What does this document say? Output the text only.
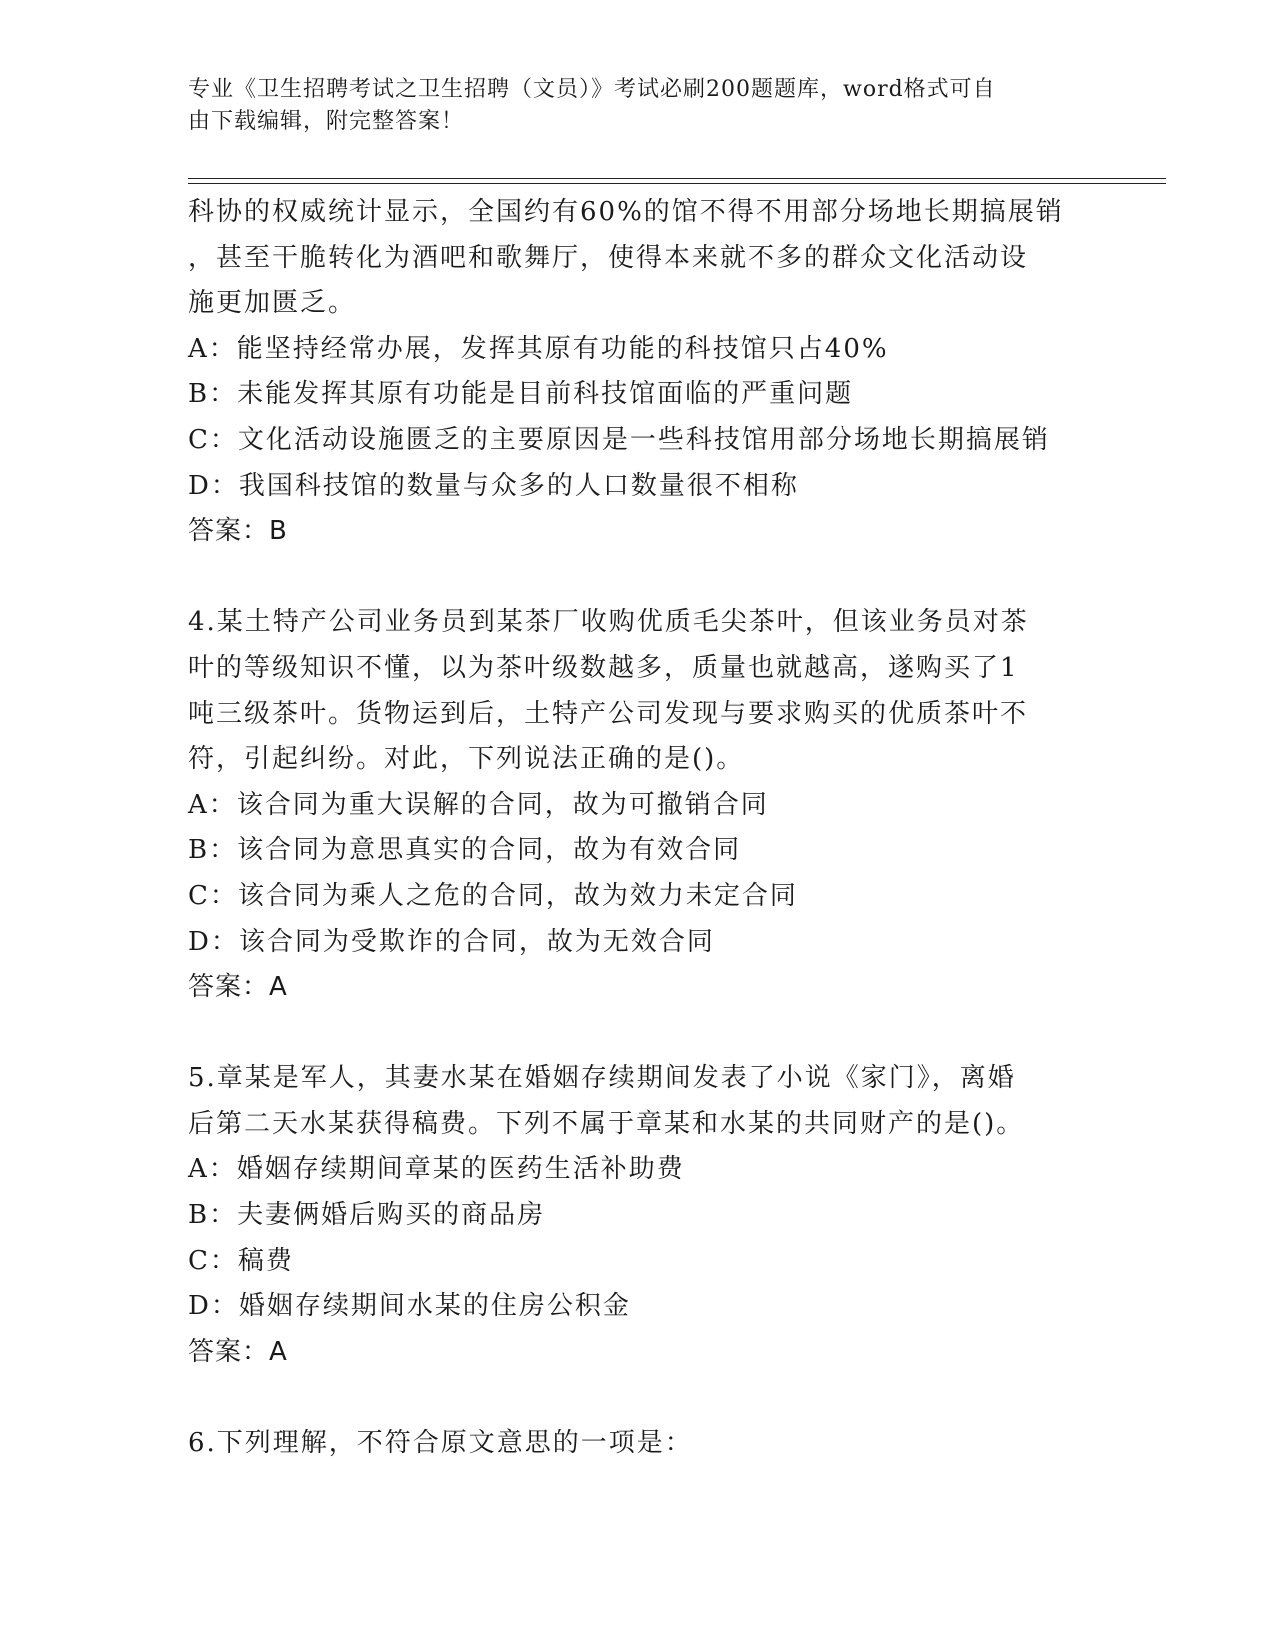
专业《卫生招聘考试之卫生招聘（文员）》考试必刷200题题库，word格式可自
由下载编辑，附完整答案！
科协的权威统计显示，全国约有60%的馆不得不用部分场地长期搞展销
，甚至干脆转化为酒吧和歌舞厅，使得本来就不多的群众文化活动设
施更加匮乏。
A：能坚持经常办展，发挥其原有功能的科技馆只占40%
B：未能发挥其原有功能是目前科技馆面临的严重问题
C：文化活动设施匮乏的主要原因是一些科技馆用部分场地长期搞展销
D：我国科技馆的数量与众多的人口数量很不相称
答案：B
4.某土特产公司业务员到某茶厂收购优质毛尖茶叶，但该业务员对茶
叶的等级知识不懂，以为茶叶级数越多，质量也就越高，遂购买了1
吨三级茶叶。货物运到后，土特产公司发现与要求购买的优质茶叶不
符，引起纠纷。对此，下列说法正确的是()。
A：该合同为重大误解的合同，故为可撤销合同
B：该合同为意思真实的合同，故为有效合同
C：该合同为乘人之危的合同，故为效力未定合同
D：该合同为受欺诈的合同，故为无效合同
答案：A
5.章某是军人，其妻水某在婚姻存续期间发表了小说《家门》，离婚
后第二天水某获得稿费。下列不属于章某和水某的共同财产的是()。
A：婚姻存续期间章某的医药生活补助费
B：夫妻俩婚后购买的商品房
C：稿费
D：婚姻存续期间水某的住房公积金
答案：A
6.下列理解，不符合原文意思的一项是：
